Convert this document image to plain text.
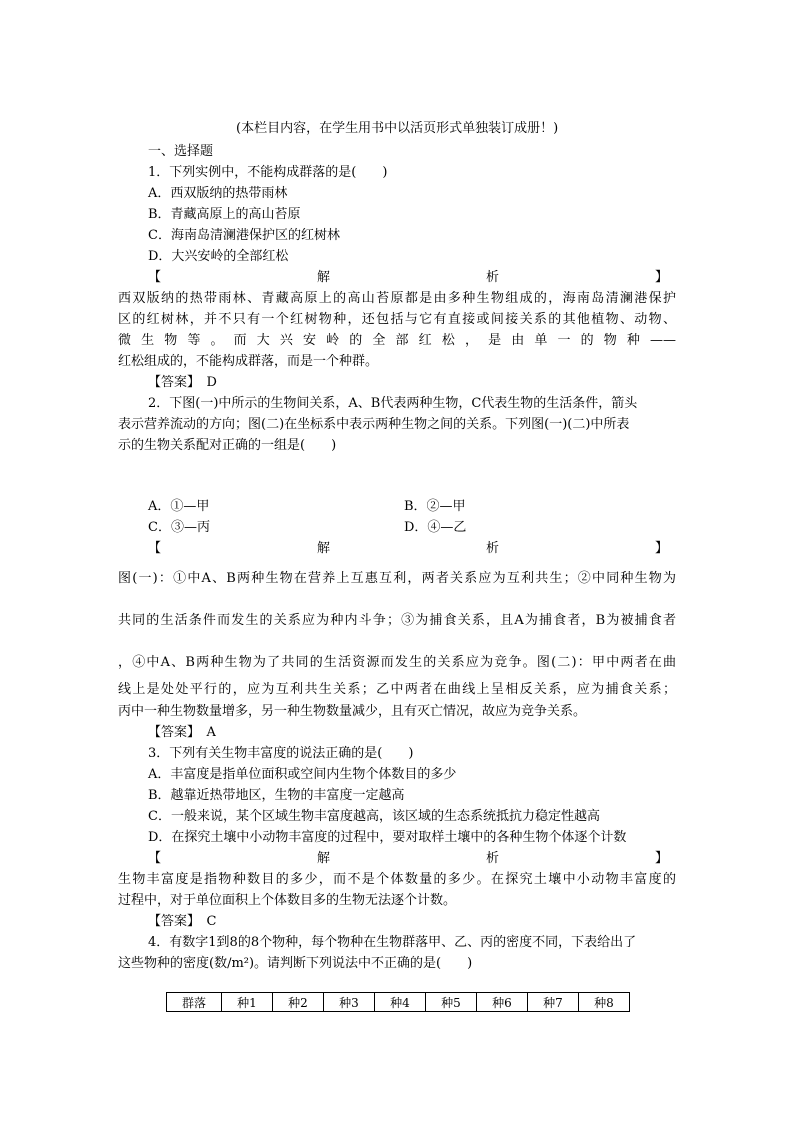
(本栏目内容，在学生用书中以活页形式单独装订成册！)
一、选择题
1．下列实例中，不能构成群落的是(　　)
A．西双版纳的热带雨林
B．青藏高原上的高山苔原
C．海南岛清澜港保护区的红树林
D．大兴安岭的全部红松
【	解	析	】
西双版纳的热带雨林、青藏高原上的高山苔原都是由多种生物组成的，海南岛清澜港保护
区的红树林，并不只有一个红树物种，还包括与它有直接或间接关系的其他植物、动物、
微生物等。而大兴安岭的全部红松，是由单一的物种——
红松组成的，不能构成群落，而是一个种群。
【答案】　D
2．下图(一)中所示的生物间关系，A、B代表两种生物，C代表生物的生活条件，箭头
表示营养流动的方向；图(二)在坐标系中表示两种生物之间的关系。下列图(一)(二)中所表
示的生物关系配对正确的一组是(　　)
A．①—甲	B．②—甲
C．③—丙	D．④—乙
【	解	析	】
图(一)：①中A、B两种生物在营养上互惠互利，两者关系应为互利共生；②中同种生物为
共同的生活条件而发生的关系应为种内斗争；③为捕食关系，且A为捕食者，B为被捕食者
，④中A、B两种生物为了共同的生活资源而发生的关系应为竞争。图(二)：甲中两者在曲
线上是处处平行的，应为互利共生关系；乙中两者在曲线上呈相反关系，应为捕食关系；
丙中一种生物数量增多，另一种生物数量减少，且有灭亡情况，故应为竞争关系。
【答案】　A
3．下列有关生物丰富度的说法正确的是(　　)
A．丰富度是指单位面积或空间内生物个体数目的多少
B．越靠近热带地区，生物的丰富度一定越高
C．一般来说，某个区域生物丰富度越高，该区域的生态系统抵抗力稳定性越高
D．在探究土壤中小动物丰富度的过程中，要对取样土壤中的各种生物个体逐个计数
【	解	析	】
生物丰富度是指物种数目的多少，而不是个体数量的多少。在探究土壤中小动物丰富度的
过程中，对于单位面积上个体数目多的生物无法逐个计数。
【答案】　C
4．有数字1到8的8个物种，每个物种在生物群落甲、乙、丙的密度不同，下表给出了
这些物种的密度(数/m²)。请判断下列说法中不正确的是(　　)
群落	种1	种2	种3	种4	种5	种6	种7	种8
